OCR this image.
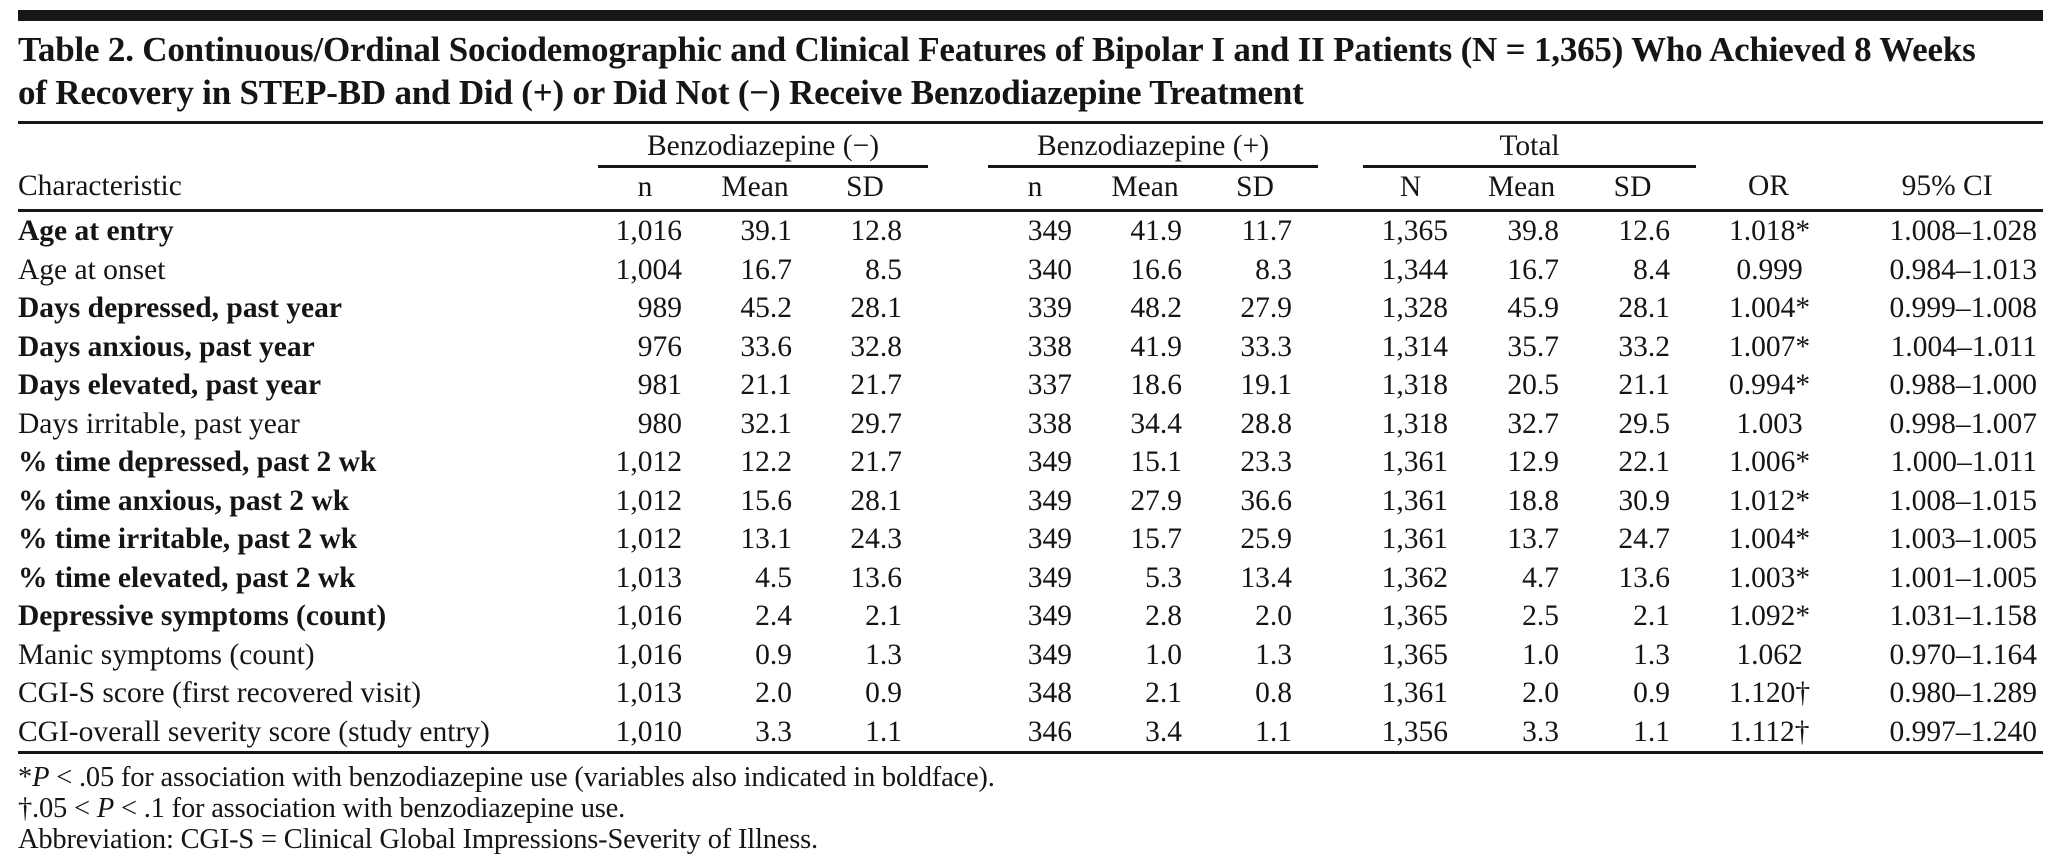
Table 2. Continuous/Ordinal Sociodemographic and Clinical Features of Bipolar I and II Patients (N = 1,365) Who Achieved 8 Weeks
of Recovery in STEP-BD and Did (+) or Did Not (−) Receive Benzodiazepine Treatment
	Benzodiazepine (−)				Benzodiazepine (+)				Total				
Characteristic	n	Mean	SD		n	Mean	SD		N	Mean	SD	OR	95% CI
Age at entry	1,016	39.1	12.8		349	41.9	11.7		1,365	39.8	12.6	1.018*	1.008–1.028
Age at onset	1,004	16.7	8.5		340	16.6	8.3		1,344	16.7	8.4	0.999	0.984–1.013
Days depressed, past year	989	45.2	28.1		339	48.2	27.9		1,328	45.9	28.1	1.004*	0.999–1.008
Days anxious, past year	976	33.6	32.8		338	41.9	33.3		1,314	35.7	33.2	1.007*	1.004–1.011
Days elevated, past year	981	21.1	21.7		337	18.6	19.1		1,318	20.5	21.1	0.994*	0.988–1.000
Days irritable, past year	980	32.1	29.7		338	34.4	28.8		1,318	32.7	29.5	1.003	0.998–1.007
% time depressed, past 2 wk	1,012	12.2	21.7		349	15.1	23.3		1,361	12.9	22.1	1.006*	1.000–1.011
% time anxious, past 2 wk	1,012	15.6	28.1		349	27.9	36.6		1,361	18.8	30.9	1.012*	1.008–1.015
% time irritable, past 2 wk	1,012	13.1	24.3		349	15.7	25.9		1,361	13.7	24.7	1.004*	1.003–1.005
% time elevated, past 2 wk	1,013	4.5	13.6		349	5.3	13.4		1,362	4.7	13.6	1.003*	1.001–1.005
Depressive symptoms (count)	1,016	2.4	2.1		349	2.8	2.0		1,365	2.5	2.1	1.092*	1.031–1.158
Manic symptoms (count)	1,016	0.9	1.3		349	1.0	1.3		1,365	1.0	1.3	1.062	0.970–1.164
CGI-S score (first recovered visit)	1,013	2.0	0.9		348	2.1	0.8		1,361	2.0	0.9	1.120†	0.980–1.289
CGI-overall severity score (study entry)	1,010	3.3	1.1		346	3.4	1.1		1,356	3.3	1.1	1.112†	0.997–1.240
*P < .05 for association with benzodiazepine use (variables also indicated in boldface).
†.05 < P < .1 for association with benzodiazepine use.
Abbreviation: CGI-S = Clinical Global Impressions-Severity of Illness.
